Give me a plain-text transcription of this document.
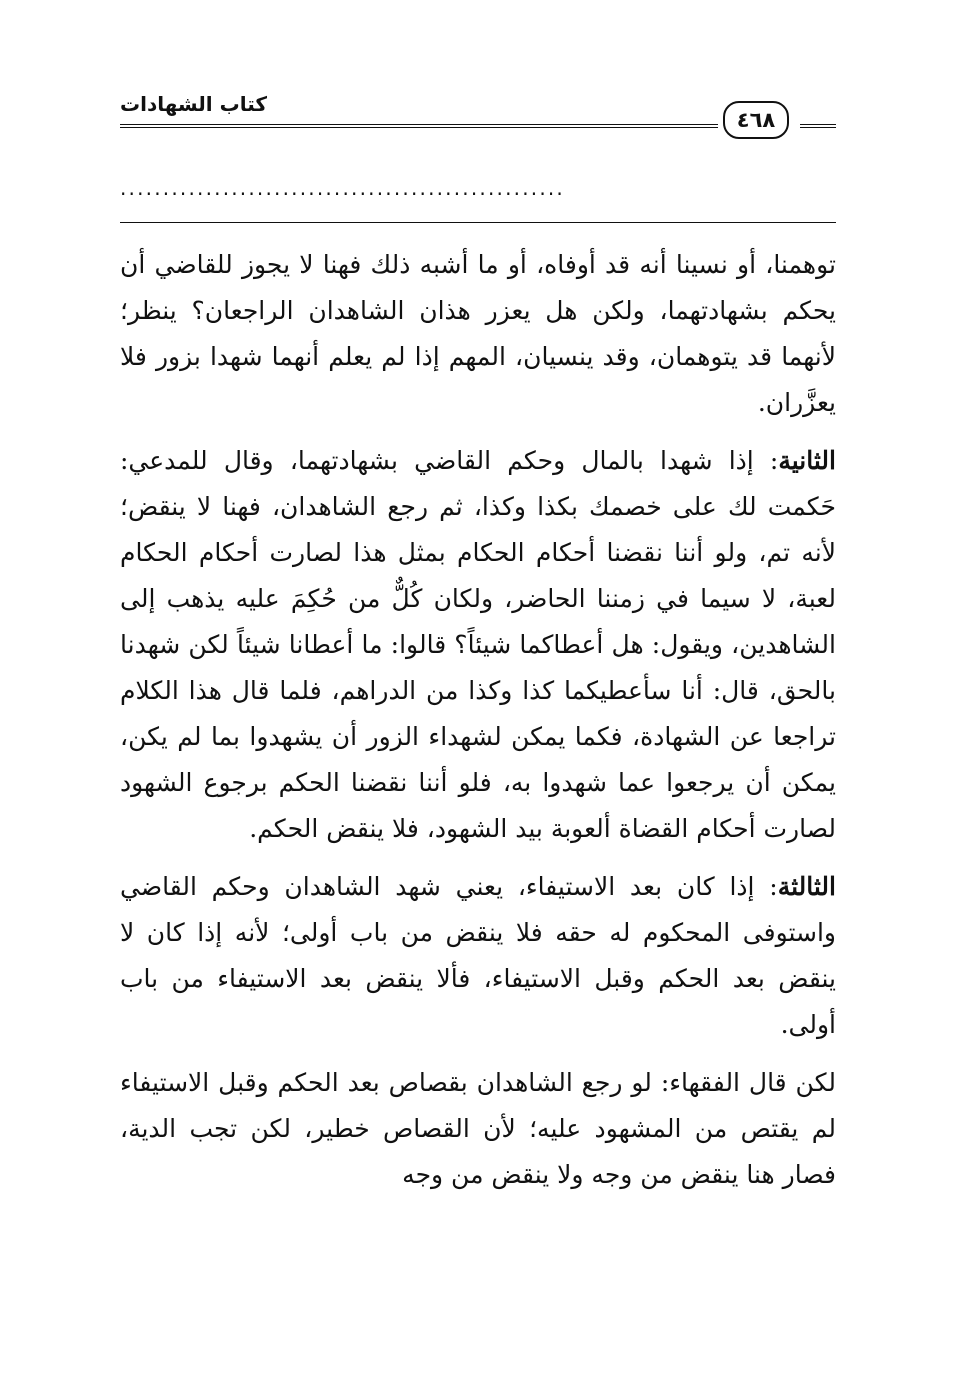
كتاب الشهادات
٤٦٨
....................................................

توهمنا، أو نسينا أنه قد أوفاه، أو ما أشبه ذلك فهنا لا يجوز للقاضي أن يحكم بشهادتهما، ولكن هل يعزر هذان الشاهدان الراجعان؟ ينظر؛ لأنهما قد يتوهمان، وقد ينسيان، المهم إذا لم يعلم أنهما شهدا بزور فلا يعزَّران.

الثانية: إذا شهدا بالمال وحكم القاضي بشهادتهما، وقال للمدعي: حَكمت لك على خصمك بكذا وكذا، ثم رجع الشاهدان، فهنا لا ينقض؛ لأنه تم، ولو أننا نقضنا أحكام الحكام بمثل هذا لصارت أحكام الحكام لعبة، لا سيما في زمننا الحاضر، ولكان كُلٌّ من حُكِمَ عليه يذهب إلى الشاهدين، ويقول: هل أعطاكما شيئاً؟ قالوا: ما أعطانا شيئاً لكن شهدنا بالحق، قال: أنا سأعطيكما كذا وكذا من الدراهم، فلما قال هذا الكلام تراجعا عن الشهادة، فكما يمكن لشهداء الزور أن يشهدوا بما لم يكن، يمكن أن يرجعوا عما شهدوا به، فلو أننا نقضنا الحكم برجوع الشهود لصارت أحكام القضاة ألعوبة بيد الشهود، فلا ينقض الحكم.

الثالثة: إذا كان بعد الاستيفاء، يعني شهد الشاهدان وحكم القاضي واستوفى المحكوم له حقه فلا ينقض من باب أولى؛ لأنه إذا كان لا ينقض بعد الحكم وقبل الاستيفاء، فألا ينقض بعد الاستيفاء من باب أولى.

لكن قال الفقهاء: لو رجع الشاهدان بقصاص بعد الحكم وقبل الاستيفاء لم يقتص من المشهود عليه؛ لأن القصاص خطير، لكن تجب الدية، فصار هنا ينقض من وجه ولا ينقض من وجه
